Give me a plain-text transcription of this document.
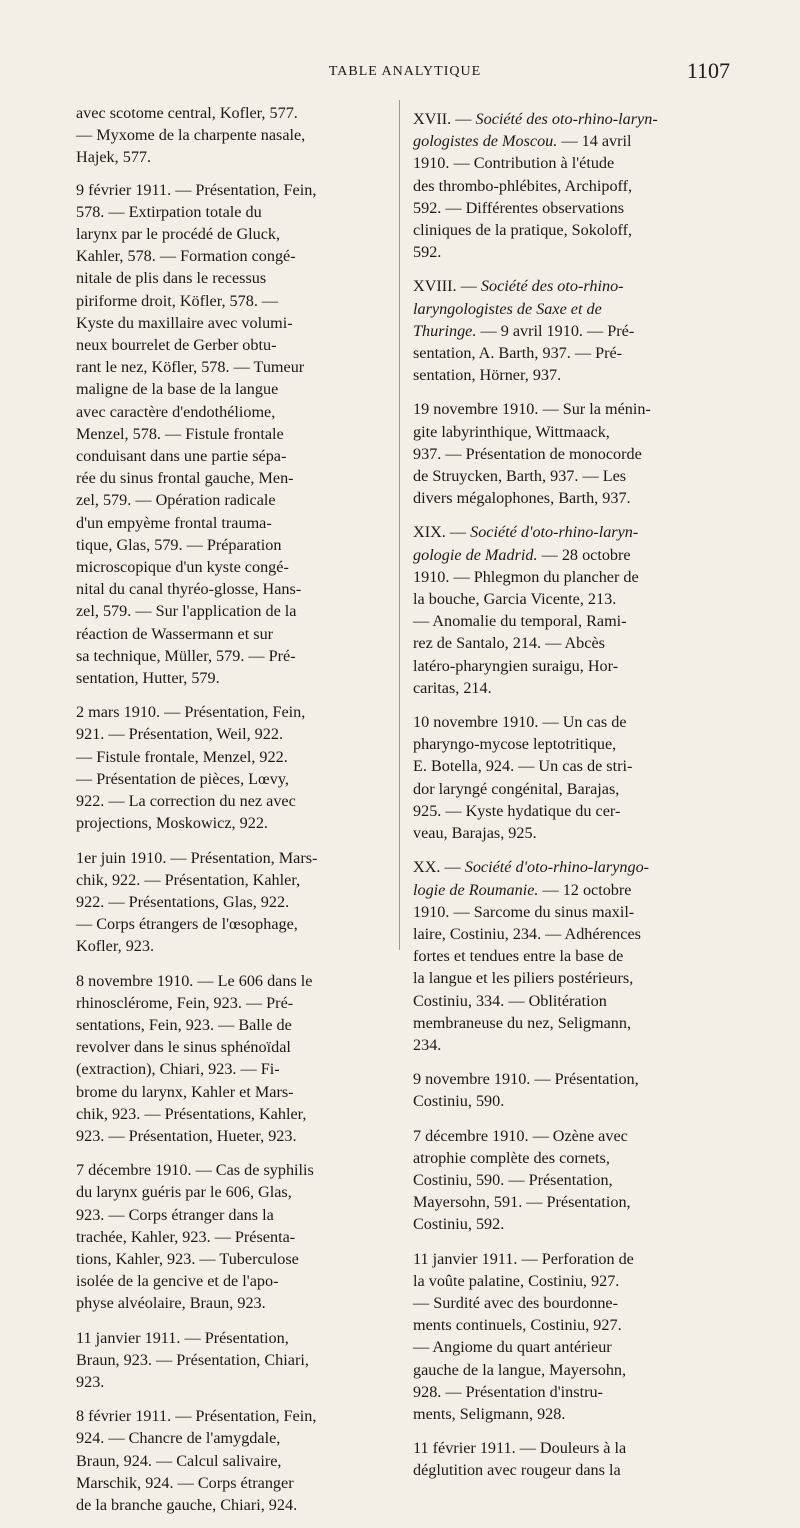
TABLE ANALYTIQUE	1107
avec scotome central, Kofler, 577.
— Myxome de la charpente nasale,
Hajek, 577.
9 février 1911. — Présentation, Fein,
578. — Extirpation totale du
larynx par le procédé de Gluck,
Kahler, 578. — Formation congé-
nitale de plis dans le recessus
piriforme droit, Köfler, 578. —
Kyste du maxillaire avec volumi-
neux bourrelet de Gerber obtu-
rant le nez, Köfler, 578. — Tumeur
maligne de la base de la langue
avec caractère d'endothéliome,
Menzel, 578. — Fistule frontale
conduisant dans une partie sépa-
rée du sinus frontal gauche, Men-
zel, 579. — Opération radicale
d'un empyème frontal trauma-
tique, Glas, 579. — Préparation
microscopique d'un kyste congé-
nital du canal thyréo-glosse, Hans-
zel, 579. — Sur l'application de la
réaction de Wassermann et sur
sa technique, Müller, 579. — Pré-
sentation, Hutter, 579.
2 mars 1910. — Présentation, Fein,
921. — Présentation, Weil, 922.
— Fistule frontale, Menzel, 922.
— Présentation de pièces, Lœvy,
922. — La correction du nez avec
projections, Moskowicz, 922.
1er juin 1910. — Présentation, Mars-
chik, 922. — Présentation, Kahler,
922. — Présentations, Glas, 922.
— Corps étrangers de l'œsophage,
Kofler, 923.
8 novembre 1910. — Le 606 dans le
rhinosclérome, Fein, 923. — Pré-
sentations, Fein, 923. — Balle de
revolver dans le sinus sphénoïdal
(extraction), Chiari, 923. — Fi-
brome du larynx, Kahler et Mars-
chik, 923. — Présentations, Kahler,
923. — Présentation, Hueter, 923.
7 décembre 1910. — Cas de syphilis
du larynx guéris par le 606, Glas,
923. — Corps étranger dans la
trachée, Kahler, 923. — Présenta-
tions, Kahler, 923. — Tuberculose
isolée de la gencive et de l'apo-
physe alvéolaire, Braun, 923.
11 janvier 1911. — Présentation,
Braun, 923. — Présentation, Chiari,
923.
8 février 1911. — Présentation, Fein,
924. — Chancre de l'amygdale,
Braun, 924. — Calcul salivaire,
Marschik, 924. — Corps étranger
de la branche gauche, Chiari, 924.
XVII. — Société des oto-rhino-laryn-
gologistes de Moscou. — 14 avril
1910. — Contribution à l'étude
des thrombo-phlébites, Archipoff,
592. — Différentes observations
cliniques de la pratique, Sokoloff,
592.
XVIII. — Société des oto-rhino-
laryngologistes de Saxe et de
Thuringe. — 9 avril 1910. — Pré-
sentation, A. Barth, 937. — Pré-
sentation, Hörner, 937.
19 novembre 1910. — Sur la ménin-
gite labyrinthique, Wittmaack,
937. — Présentation de monocorde
de Struycken, Barth, 937. — Les
divers mégalophones, Barth, 937.
XIX. — Société d'oto-rhino-laryn-
gologie de Madrid. — 28 octobre
1910. — Phlegmon du plancher de
la bouche, Garcia Vicente, 213.
— Anomalie du temporal, Rami-
rez de Santalo, 214. — Abcès
latéro-pharyngien suraigu, Hor-
caritas, 214.
10 novembre 1910. — Un cas de
pharyngo-mycose leptotritique,
E. Botella, 924. — Un cas de stri-
dor laryngé congénital, Barajas,
925. — Kyste hydatique du cer-
veau, Barajas, 925.
XX. — Société d'oto-rhino-laryngo-
logie de Roumanie. — 12 octobre
1910. — Sarcome du sinus maxil-
laire, Costiniu, 234. — Adhérences
fortes et tendues entre la base de
la langue et les piliers postérieurs,
Costiniu, 334. — Oblitération
membraneuse du nez, Seligmann,
234.
9 novembre 1910. — Présentation,
Costiniu, 590.
7 décembre 1910. — Ozène avec
atrophie complète des cornets,
Costiniu, 590. — Présentation,
Mayersohn, 591. — Présentation,
Costiniu, 592.
11 janvier 1911. — Perforation de
la voûte palatine, Costiniu, 927.
— Surdité avec des bourdonne-
ments continuels, Costiniu, 927.
— Angiome du quart antérieur
gauche de la langue, Mayersohn,
928. — Présentation d'instru-
ments, Seligmann, 928.
11 février 1911. — Douleurs à la
déglutition avec rougeur dans la
